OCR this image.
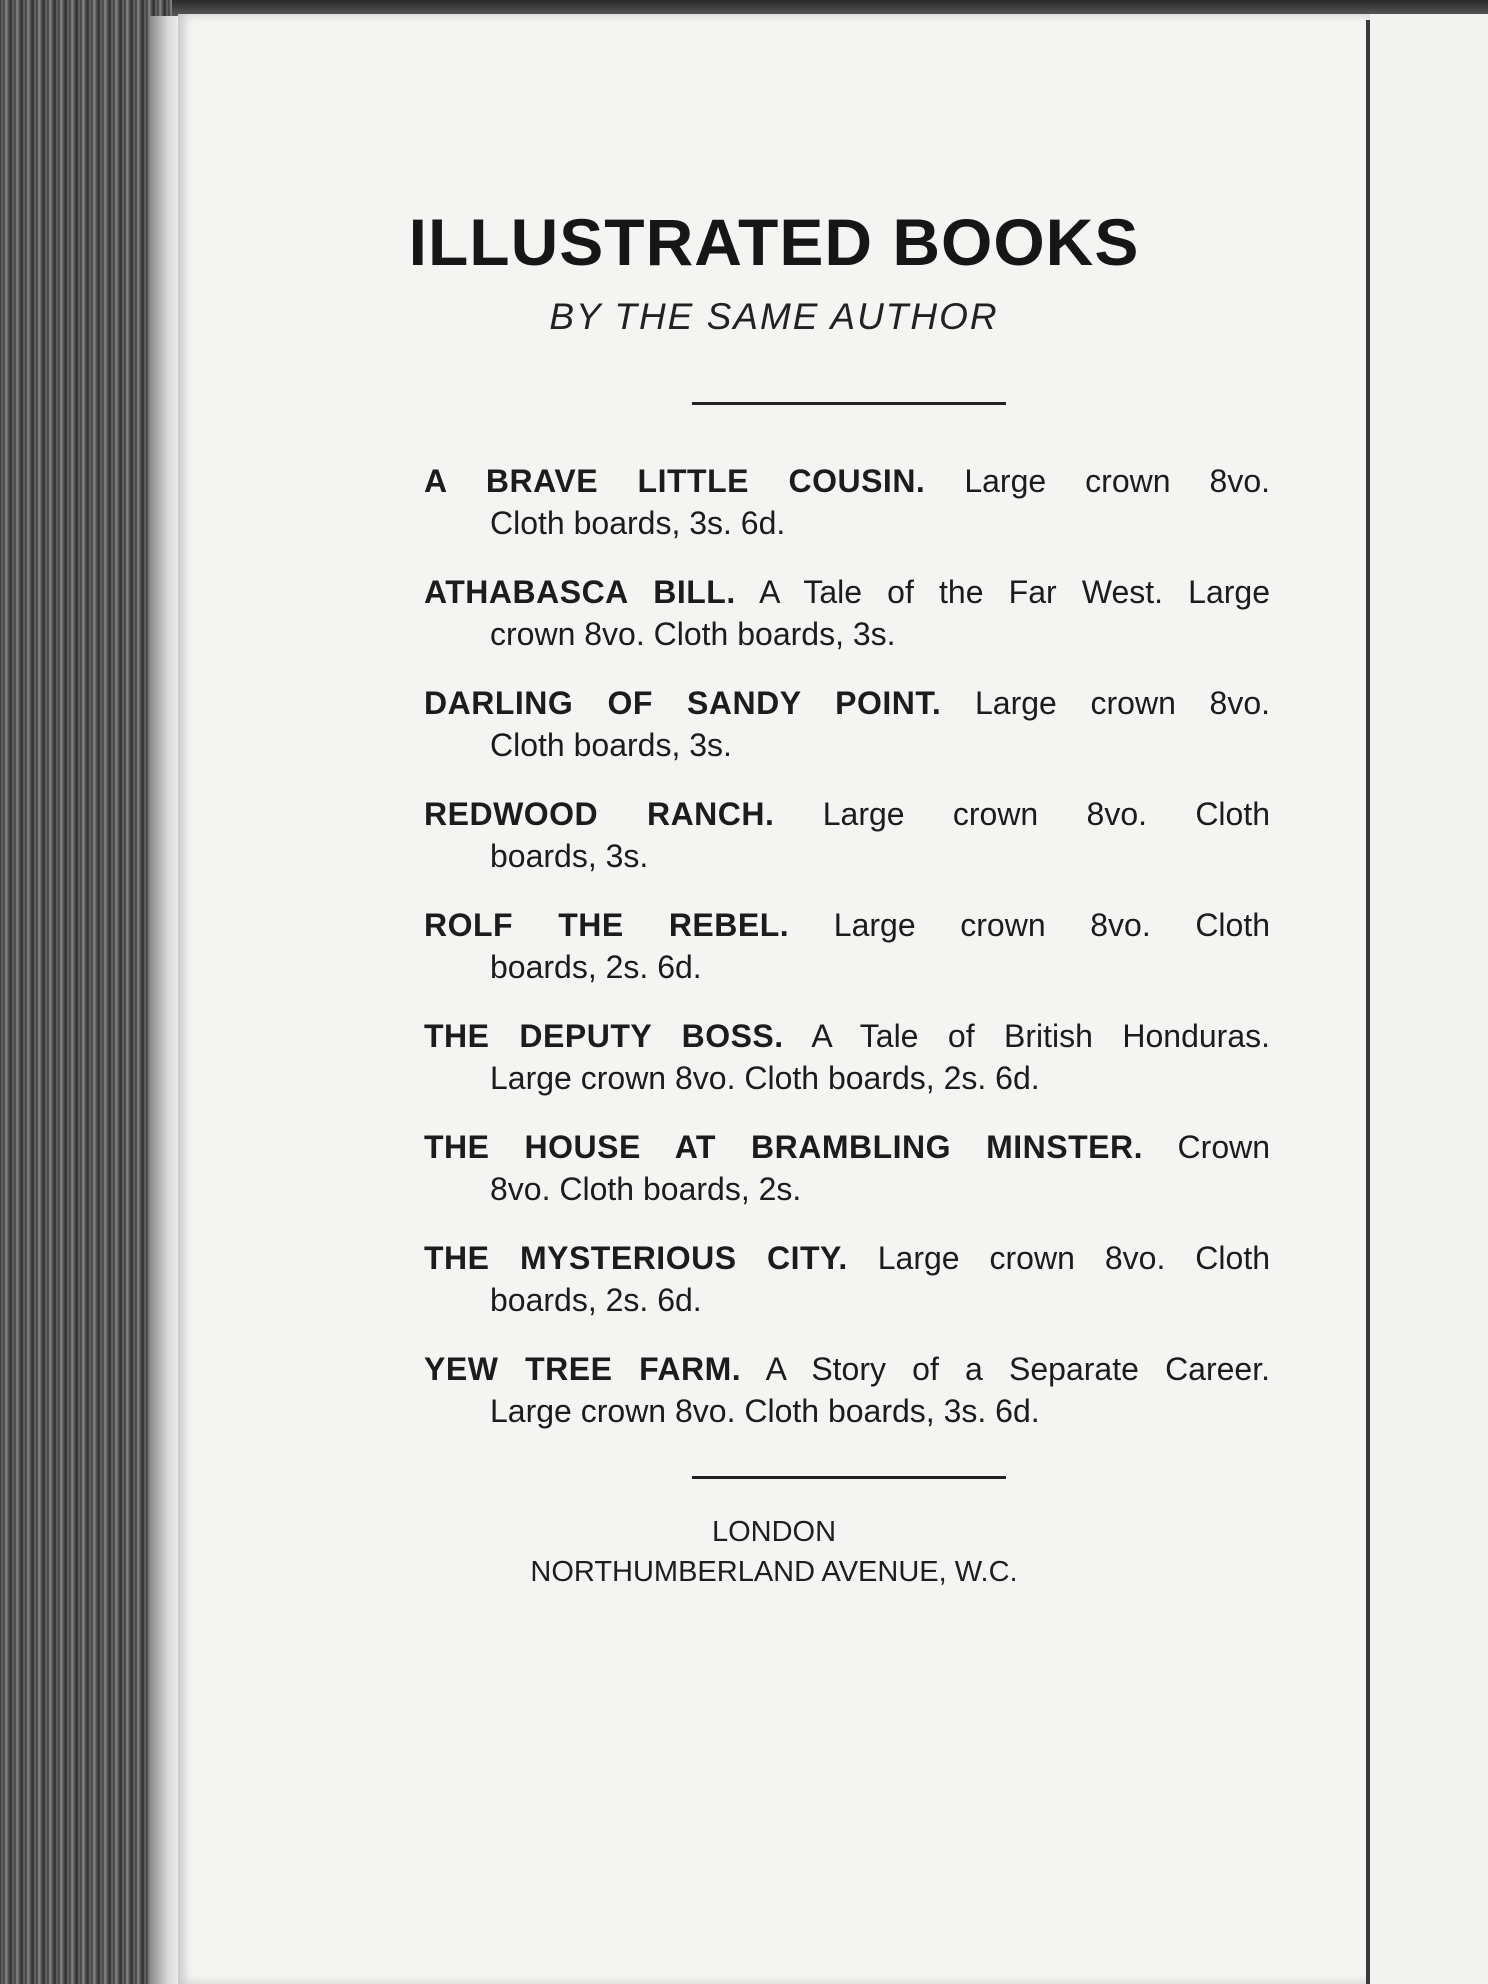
ILLUSTRATED BOOKS

BY THE SAME AUTHOR

A BRAVE LITTLE COUSIN. Large crown 8vo.
Cloth boards, 3s. 6d.
ATHABASCA BILL. A Tale of the Far West. Large
crown 8vo. Cloth boards, 3s.
DARLING OF SANDY POINT. Large crown 8vo.
Cloth boards, 3s.
REDWOOD RANCH. Large crown 8vo. Cloth
boards, 3s.
ROLF THE REBEL. Large crown 8vo. Cloth
boards, 2s. 6d.
THE DEPUTY BOSS. A Tale of British Honduras.
Large crown 8vo. Cloth boards, 2s. 6d.
THE HOUSE AT BRAMBLING MINSTER. Crown
8vo. Cloth boards, 2s.
THE MYSTERIOUS CITY. Large crown 8vo. Cloth
boards, 2s. 6d.
YEW TREE FARM. A Story of a Separate Career.
Large crown 8vo. Cloth boards, 3s. 6d.

LONDON

NORTHUMBERLAND AVENUE, W.C.
